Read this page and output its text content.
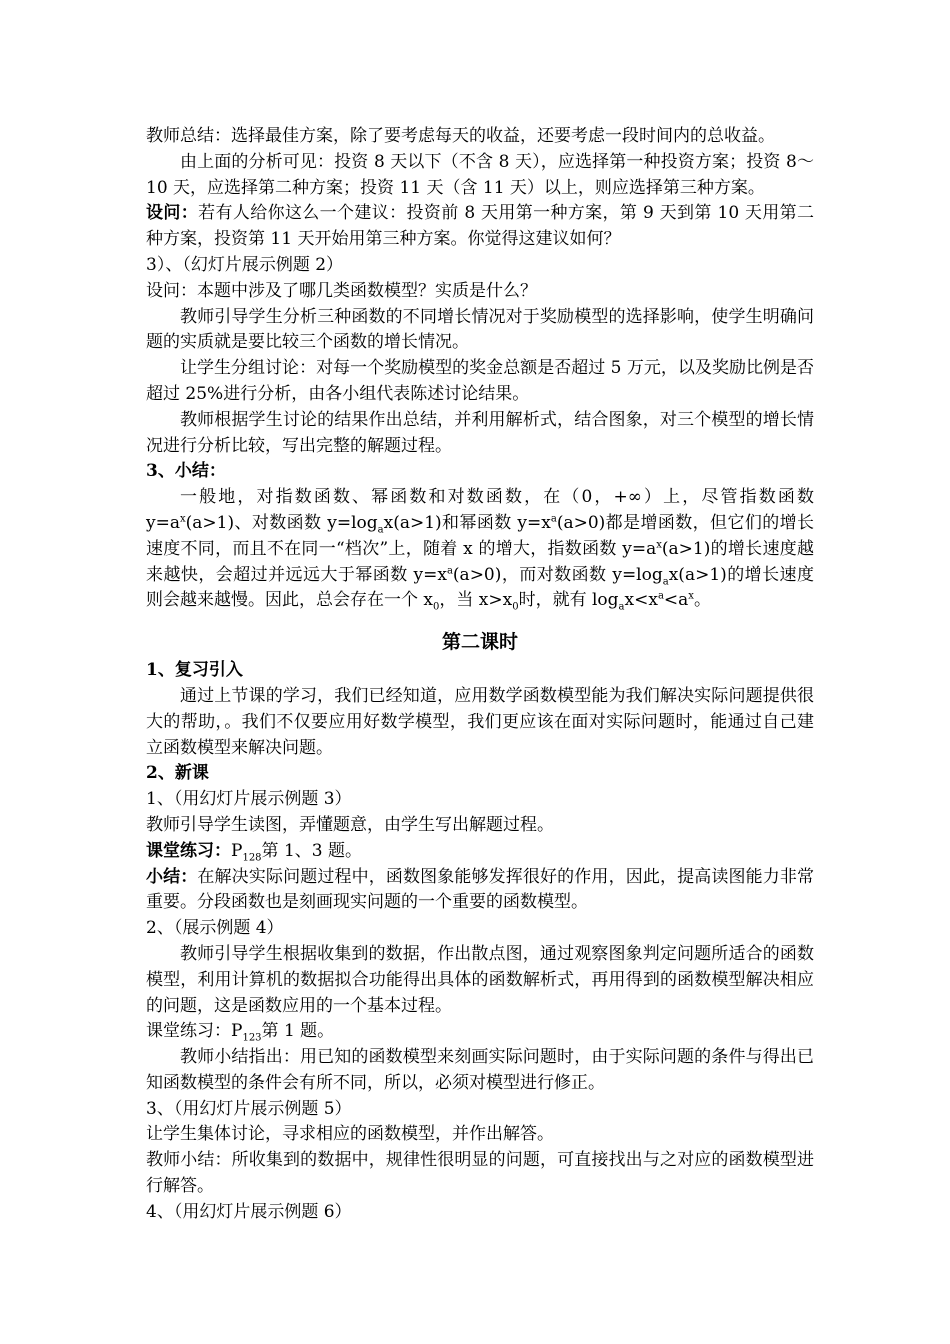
教师总结：选择最佳方案，除了要考虑每天的收益，还要考虑一段时间内的总收益。

由上面的分析可见：投资 8 天以下（不含 8 天），应选择第一种投资方案；投资 8～10 天，应选择第二种方案；投资 11 天（含 11 天）以上，则应选择第三种方案。

设问：若有人给你这么一个建议：投资前 8 天用第一种方案，第 9 天到第 10 天用第二种方案，投资第 11 天开始用第三种方案。你觉得这建议如何？

3）、（幻灯片展示例题 2）

设问：本题中涉及了哪几类函数模型？实质是什么？

教师引导学生分析三种函数的不同增长情况对于奖励模型的选择影响，使学生明确问题的实质就是要比较三个函数的增长情况。

让学生分组讨论：对每一个奖励模型的奖金总额是否超过 5 万元，以及奖励比例是否超过 25%进行分析，由各小组代表陈述讨论结果。

教师根据学生讨论的结果作出总结，并利用解析式，结合图象，对三个模型的增长情况进行分析比较，写出完整的解题过程。

3、小结：

一般地，对指数函数、幂函数和对数函数，在（0，+∞）上，尽管指数函数 $y=a^x(a>1)$、对数函数 $y=\log_ax(a>1)$和幂函数 $y=x^a(a>0)$都是增函数，但它们的增长速度不同，而且不在同一“档次”上，随着 x 的增大，指数函数 $y=a^x(a>1)$的增长速度越来越快，会超过并远远大于幂函数 $y=x^a(a>0)$，而对数函数 $y=\log_ax(a>1)$的增长速度则会越来越慢。因此，总会存在一个 $x_0$，当 $x>x_0$时，就有 $\log_ax<x^a<a^x$。

第二课时

1、复习引入

通过上节课的学习，我们已经知道，应用数学函数模型能为我们解决实际问题提供很大的帮助，。我们不仅要应用好数学模型，我们更应该在面对实际问题时，能通过自己建立函数模型来解决问题。

2、新课

1、（用幻灯片展示例题 3）

教师引导学生读图，弄懂题意，由学生写出解题过程。

课堂练习：$P_{128}$第 1、3 题。

小结：在解决实际问题过程中，函数图象能够发挥很好的作用，因此，提高读图能力非常重要。分段函数也是刻画现实问题的一个重要的函数模型。

2、（展示例题 4）

教师引导学生根据收集到的数据，作出散点图，通过观察图象判定问题所适合的函数模型，利用计算机的数据拟合功能得出具体的函数解析式，再用得到的函数模型解决相应的问题，这是函数应用的一个基本过程。

课堂练习：$P_{123}$第 1 题。

教师小结指出：用已知的函数模型来刻画实际问题时，由于实际问题的条件与得出已知函数模型的条件会有所不同，所以，必须对模型进行修正。

3、（用幻灯片展示例题 5）

让学生集体讨论，寻求相应的函数模型，并作出解答。

教师小结：所收集到的数据中，规律性很明显的问题，可直接找出与之对应的函数模型进行解答。

4、（用幻灯片展示例题 6）
